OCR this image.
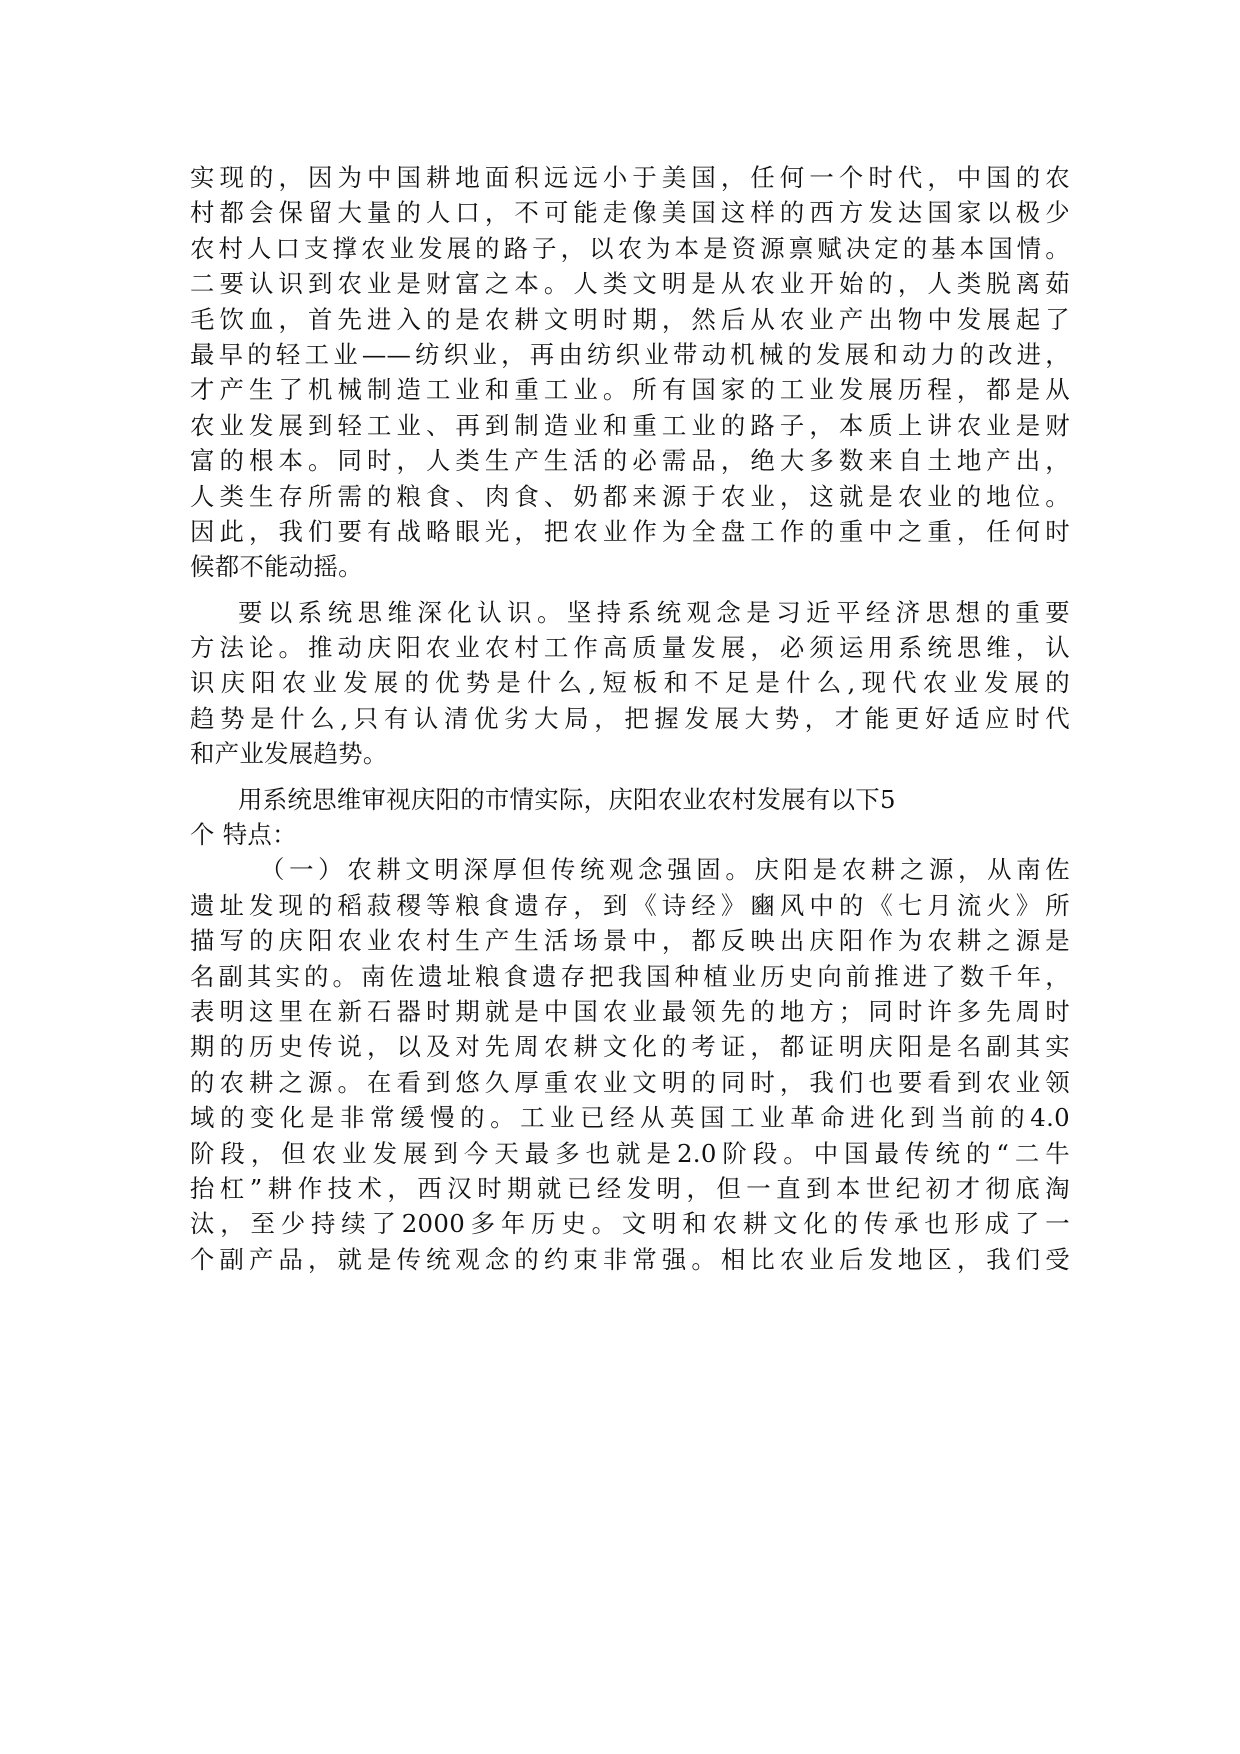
实现的，因为中国耕地面积远远小于美国，任何一个时代，中国的农
村都会保留大量的人口，不可能走像美国这样的西方发达国家以极少
农村人口支撑农业发展的路子，以农为本是资源禀赋决定的基本国情。
二要认识到农业是财富之本。人类文明是从农业开始的，人类脱离茹
毛饮血，首先进入的是农耕文明时期，然后从农业产出物中发展起了
最早的轻工业——纺织业，再由纺织业带动机械的发展和动力的改进，
才产生了机械制造工业和重工业。所有国家的工业发展历程，都是从
农业发展到轻工业、再到制造业和重工业的路子，本质上讲农业是财
富的根本。同时，人类生产生活的必需品，绝大多数来自土地产出，
人类生存所需的粮食、肉食、奶都来源于农业，这就是农业的地位。
因此，我们要有战略眼光，把农业作为全盘工作的重中之重，任何时
候都不能动摇。
要以系统思维深化认识。坚持系统观念是习近平经济思想的重要
方法论。推动庆阳农业农村工作高质量发展，必须运用系统思维，认
识庆阳农业发展的优势是什么,短板和不足是什么,现代农业发展的
趋势是什么,只有认清优劣大局，把握发展大势，才能更好适应时代
和产业发展趋势。
用系统思维审视庆阳的市情实际，庆阳农业农村发展有以下5
个 特点：
（一）农耕文明深厚但传统观念强固。庆阳是农耕之源，从南佐
遗址发现的稻菽稷等粮食遗存，到《诗经》豳风中的《七月流火》所
描写的庆阳农业农村生产生活场景中，都反映出庆阳作为农耕之源是
名副其实的。南佐遗址粮食遗存把我国种植业历史向前推进了数千年，
表明这里在新石器时期就是中国农业最领先的地方；同时许多先周时
期的历史传说，以及对先周农耕文化的考证，都证明庆阳是名副其实
的农耕之源。在看到悠久厚重农业文明的同时，我们也要看到农业领
域的变化是非常缓慢的。工业已经从英国工业革命进化到当前的4.0
阶段，但农业发展到今天最多也就是2.0阶段。中国最传统的“二牛
抬杠”耕作技术，西汉时期就已经发明，但一直到本世纪初才彻底淘
汰，至少持续了2000多年历史。文明和农耕文化的传承也形成了一
个副产品，就是传统观念的约束非常强。相比农业后发地区，我们受
